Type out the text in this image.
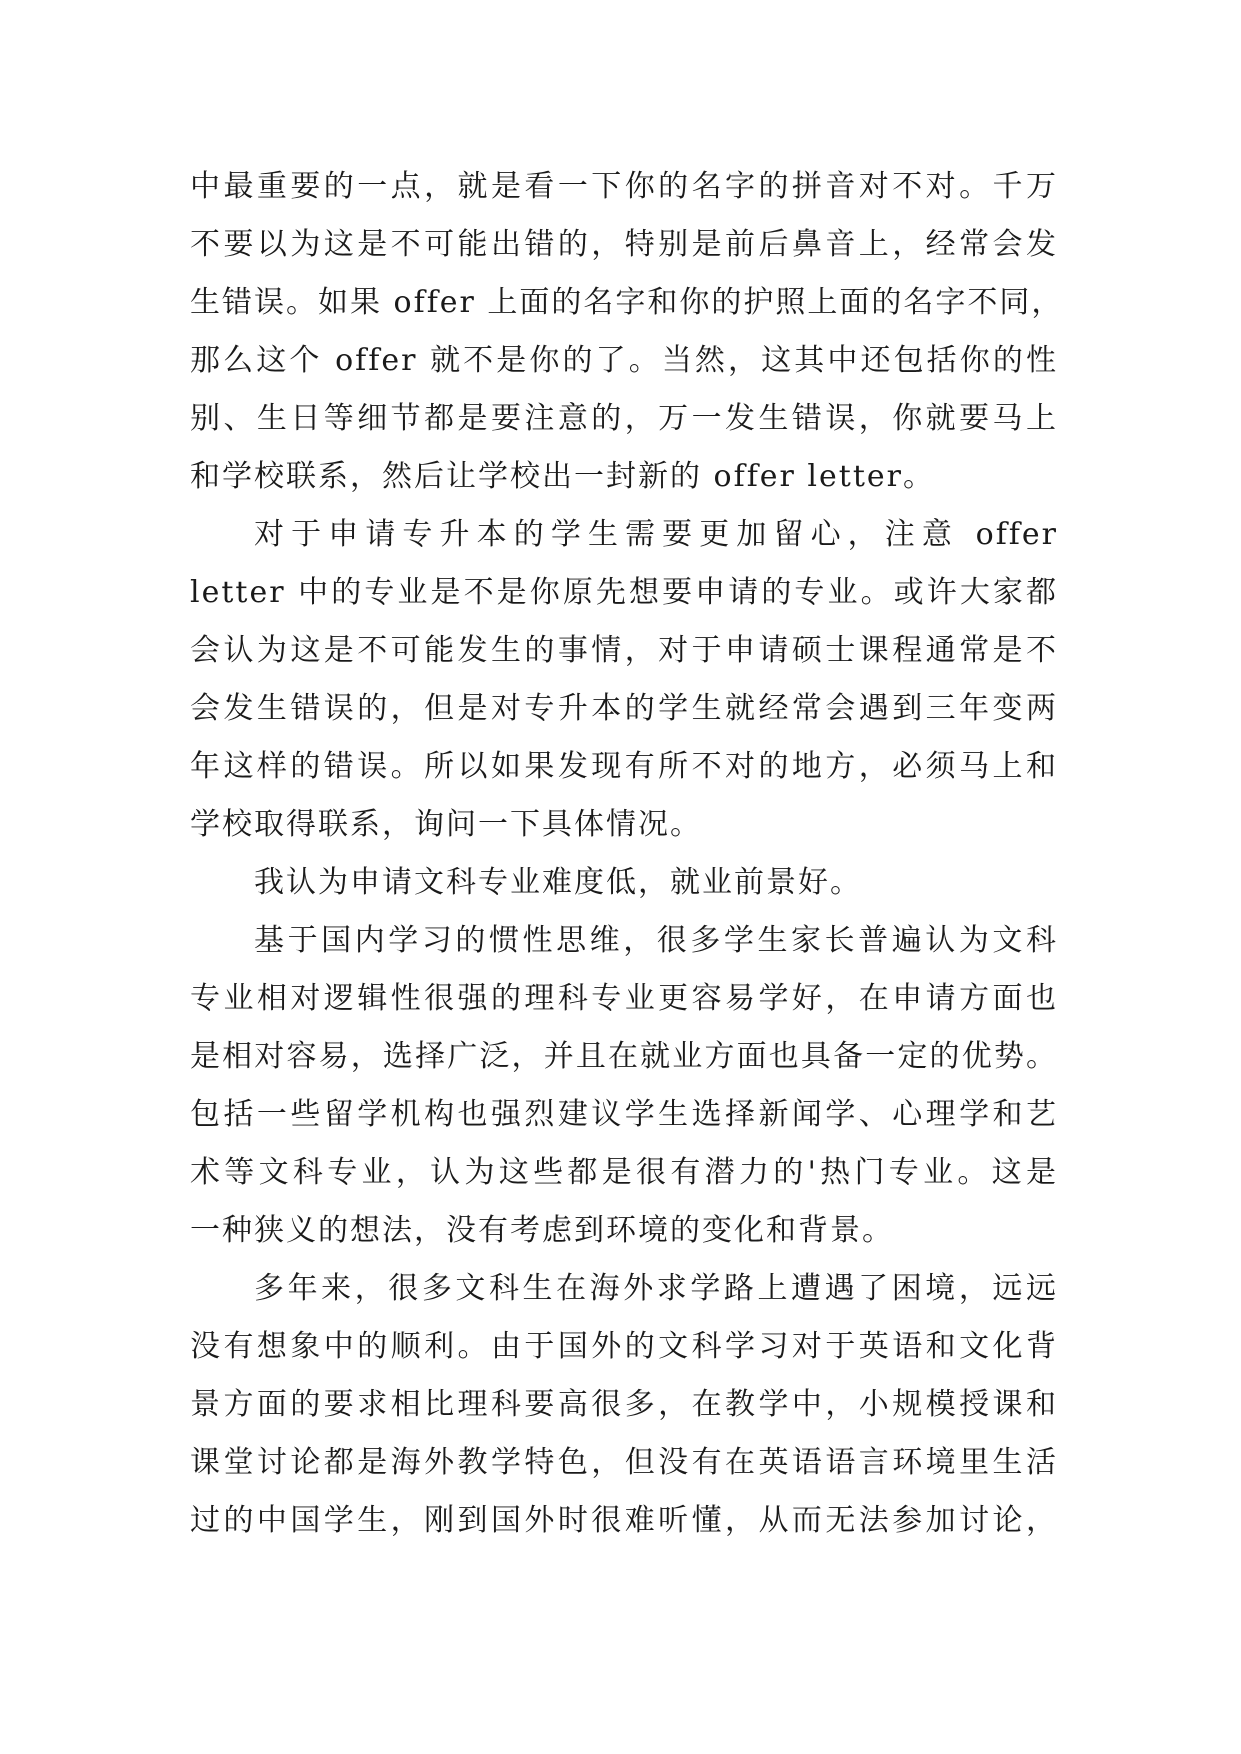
中最重要的一点，就是看一下你的名字的拼音对不对。千万

不要以为这是不可能出错的，特别是前后鼻音上，经常会发

生错误。如果 offer 上面的名字和你的护照上面的名字不同，

那么这个 offer 就不是你的了。当然，这其中还包括你的性

别、生日等细节都是要注意的，万一发生错误，你就要马上

和学校联系，然后让学校出一封新的 offer letter。

对于申请专升本的学生需要更加留心，注意 offer

letter 中的专业是不是你原先想要申请的专业。或许大家都

会认为这是不可能发生的事情，对于申请硕士课程通常是不

会发生错误的，但是对专升本的学生就经常会遇到三年变两

年这样的错误。所以如果发现有所不对的地方，必须马上和

学校取得联系，询问一下具体情况。

我认为申请文科专业难度低，就业前景好。

基于国内学习的惯性思维，很多学生家长普遍认为文科

专业相对逻辑性很强的理科专业更容易学好，在申请方面也

是相对容易，选择广泛，并且在就业方面也具备一定的优势。

包括一些留学机构也强烈建议学生选择新闻学、心理学和艺

术等文科专业，认为这些都是很有潜力的'热门专业。这是

一种狭义的想法，没有考虑到环境的变化和背景。

多年来，很多文科生在海外求学路上遭遇了困境，远远

没有想象中的顺利。由于国外的文科学习对于英语和文化背

景方面的要求相比理科要高很多，在教学中，小规模授课和

课堂讨论都是海外教学特色，但没有在英语语言环境里生活

过的中国学生，刚到国外时很难听懂，从而无法参加讨论，
